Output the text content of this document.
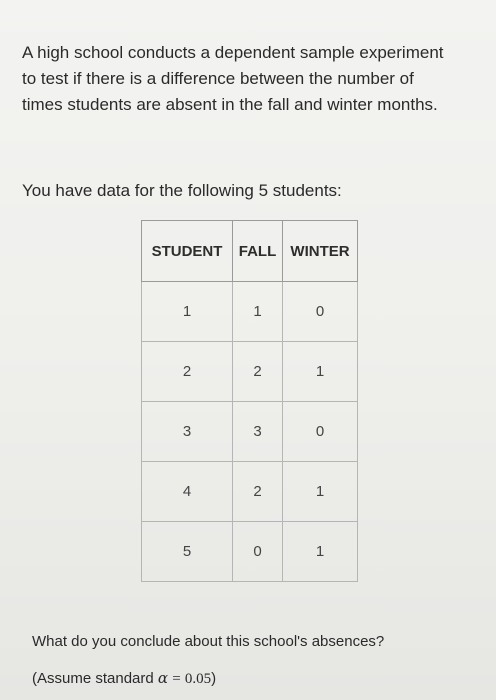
A high school conducts a dependent sample experiment
to test if there is a difference between the number of
times students are absent in the fall and winter months.
You have data for the following 5 students:
STUDENT	FALL	WINTER
1	1	0
2	2	1
3	3	0
4	2	1
5	0	1
What do you conclude about this school's absences?
(Assume standard α = 0.05)
